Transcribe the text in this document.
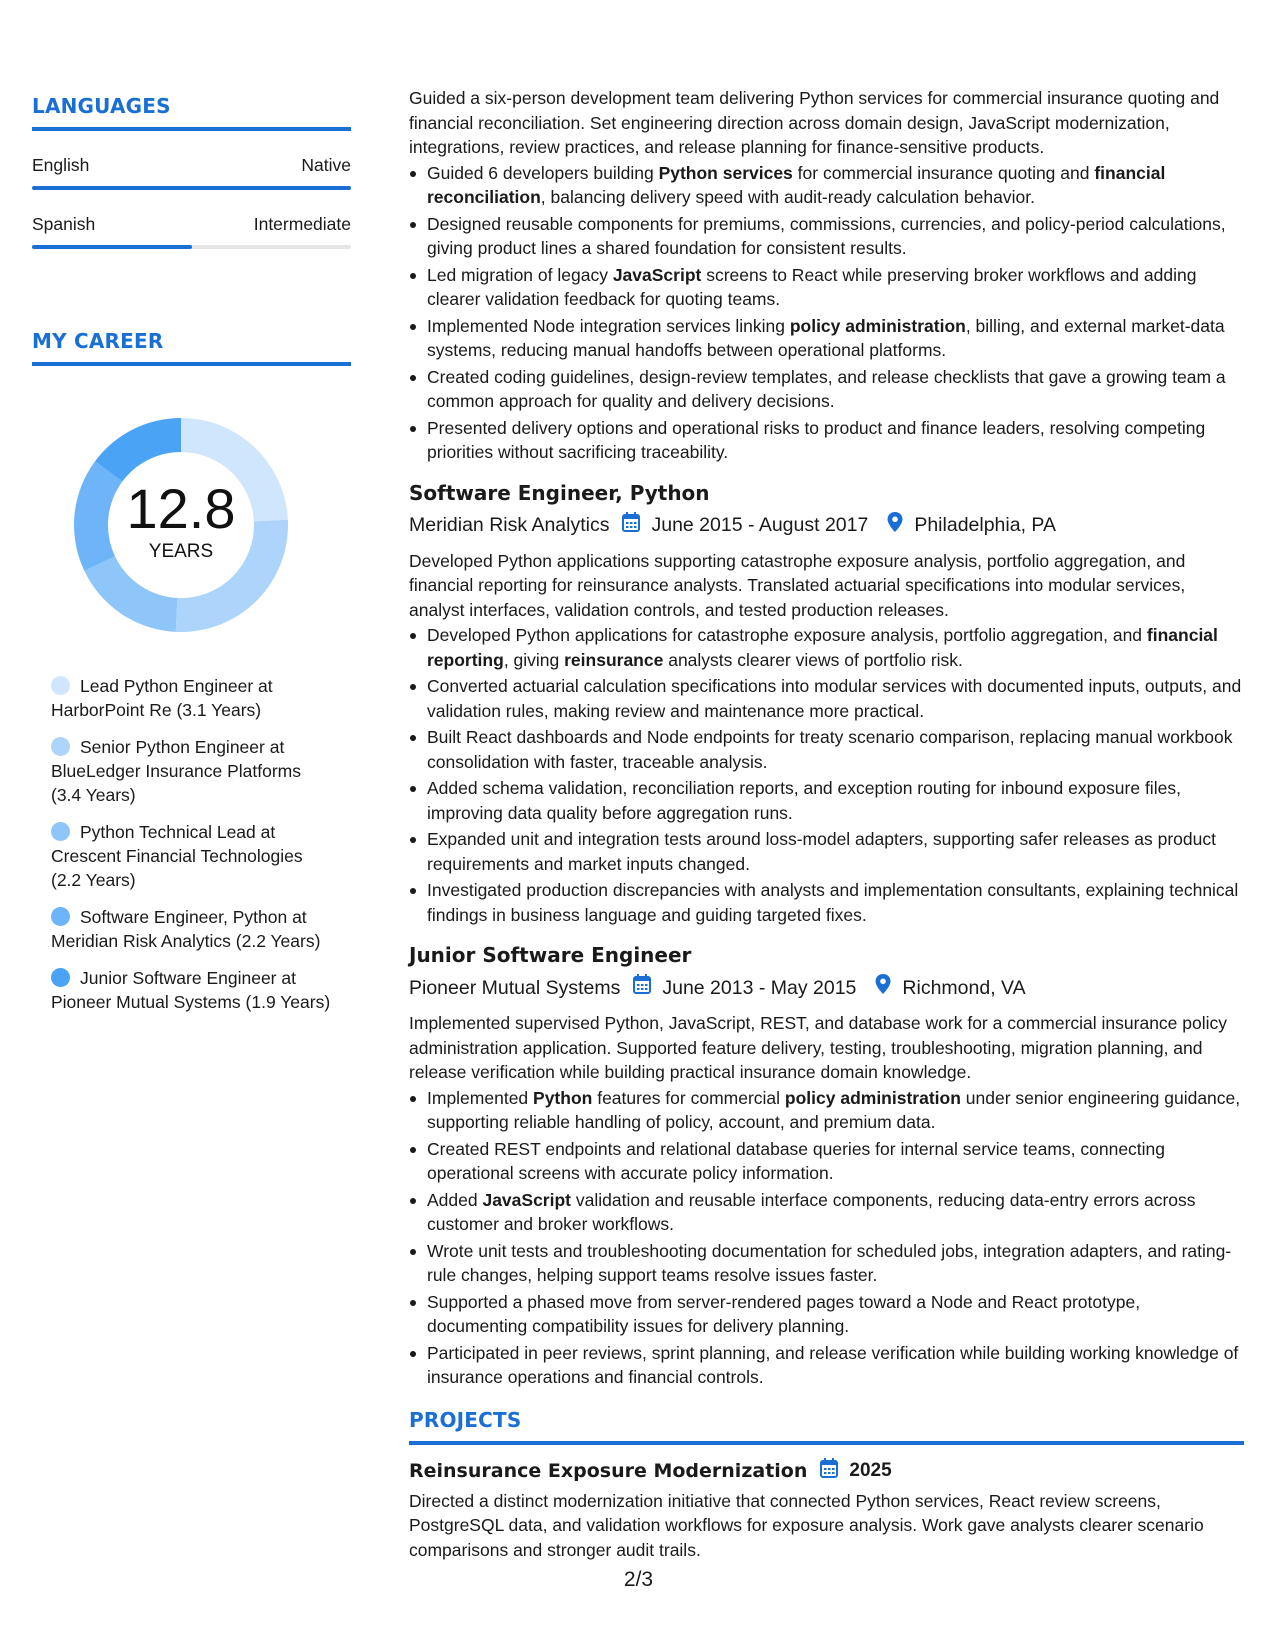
LANGUAGES
English	Native
Spanish	Intermediate
MY CAREER
12.8
YEARS
Lead Python Engineer at HarborPoint Re (3.1 Years)
Senior Python Engineer at BlueLedger Insurance Platforms (3.4 Years)
Python Technical Lead at Crescent Financial Technologies (2.2 Years)
Software Engineer, Python at Meridian Risk Analytics (2.2 Years)
Junior Software Engineer at Pioneer Mutual Systems (1.9 Years)
Guided a six-person development team delivering Python services for commercial insurance quoting and financial reconciliation. Set engineering direction across domain design, JavaScript modernization, integrations, review practices, and release planning for finance-sensitive products.
Guided 6 developers building Python services for commercial insurance quoting and financial reconciliation, balancing delivery speed with audit-ready calculation behavior.
Designed reusable components for premiums, commissions, currencies, and policy-period calculations, giving product lines a shared foundation for consistent results.
Led migration of legacy JavaScript screens to React while preserving broker workflows and adding clearer validation feedback for quoting teams.
Implemented Node integration services linking policy administration, billing, and external market-data systems, reducing manual handoffs between operational platforms.
Created coding guidelines, design-review templates, and release checklists that gave a growing team a common approach for quality and delivery decisions.
Presented delivery options and operational risks to product and finance leaders, resolving competing priorities without sacrificing traceability.
Software Engineer, Python
Meridian Risk Analytics June 2015 - August 2017 Philadelphia, PA
Developed Python applications supporting catastrophe exposure analysis, portfolio aggregation, and financial reporting for reinsurance analysts. Translated actuarial specifications into modular services, analyst interfaces, validation controls, and tested production releases.
Developed Python applications for catastrophe exposure analysis, portfolio aggregation, and financial reporting, giving reinsurance analysts clearer views of portfolio risk.
Converted actuarial calculation specifications into modular services with documented inputs, outputs, and validation rules, making review and maintenance more practical.
Built React dashboards and Node endpoints for treaty scenario comparison, replacing manual workbook consolidation with faster, traceable analysis.
Added schema validation, reconciliation reports, and exception routing for inbound exposure files, improving data quality before aggregation runs.
Expanded unit and integration tests around loss-model adapters, supporting safer releases as product requirements and market inputs changed.
Investigated production discrepancies with analysts and implementation consultants, explaining technical findings in business language and guiding targeted fixes.
Junior Software Engineer
Pioneer Mutual Systems June 2013 - May 2015 Richmond, VA
Implemented supervised Python, JavaScript, REST, and database work for a commercial insurance policy administration application. Supported feature delivery, testing, troubleshooting, migration planning, and release verification while building practical insurance domain knowledge.
Implemented Python features for commercial policy administration under senior engineering guidance, supporting reliable handling of policy, account, and premium data.
Created REST endpoints and relational database queries for internal service teams, connecting operational screens with accurate policy information.
Added JavaScript validation and reusable interface components, reducing data-entry errors across customer and broker workflows.
Wrote unit tests and troubleshooting documentation for scheduled jobs, integration adapters, and rating-rule changes, helping support teams resolve issues faster.
Supported a phased move from server-rendered pages toward a Node and React prototype, documenting compatibility issues for delivery planning.
Participated in peer reviews, sprint planning, and release verification while building working knowledge of insurance operations and financial controls.
PROJECTS
Reinsurance Exposure Modernization 2025
Directed a distinct modernization initiative that connected Python services, React review screens, PostgreSQL data, and validation workflows for exposure analysis. Work gave analysts clearer scenario comparisons and stronger audit trails.
2/3
